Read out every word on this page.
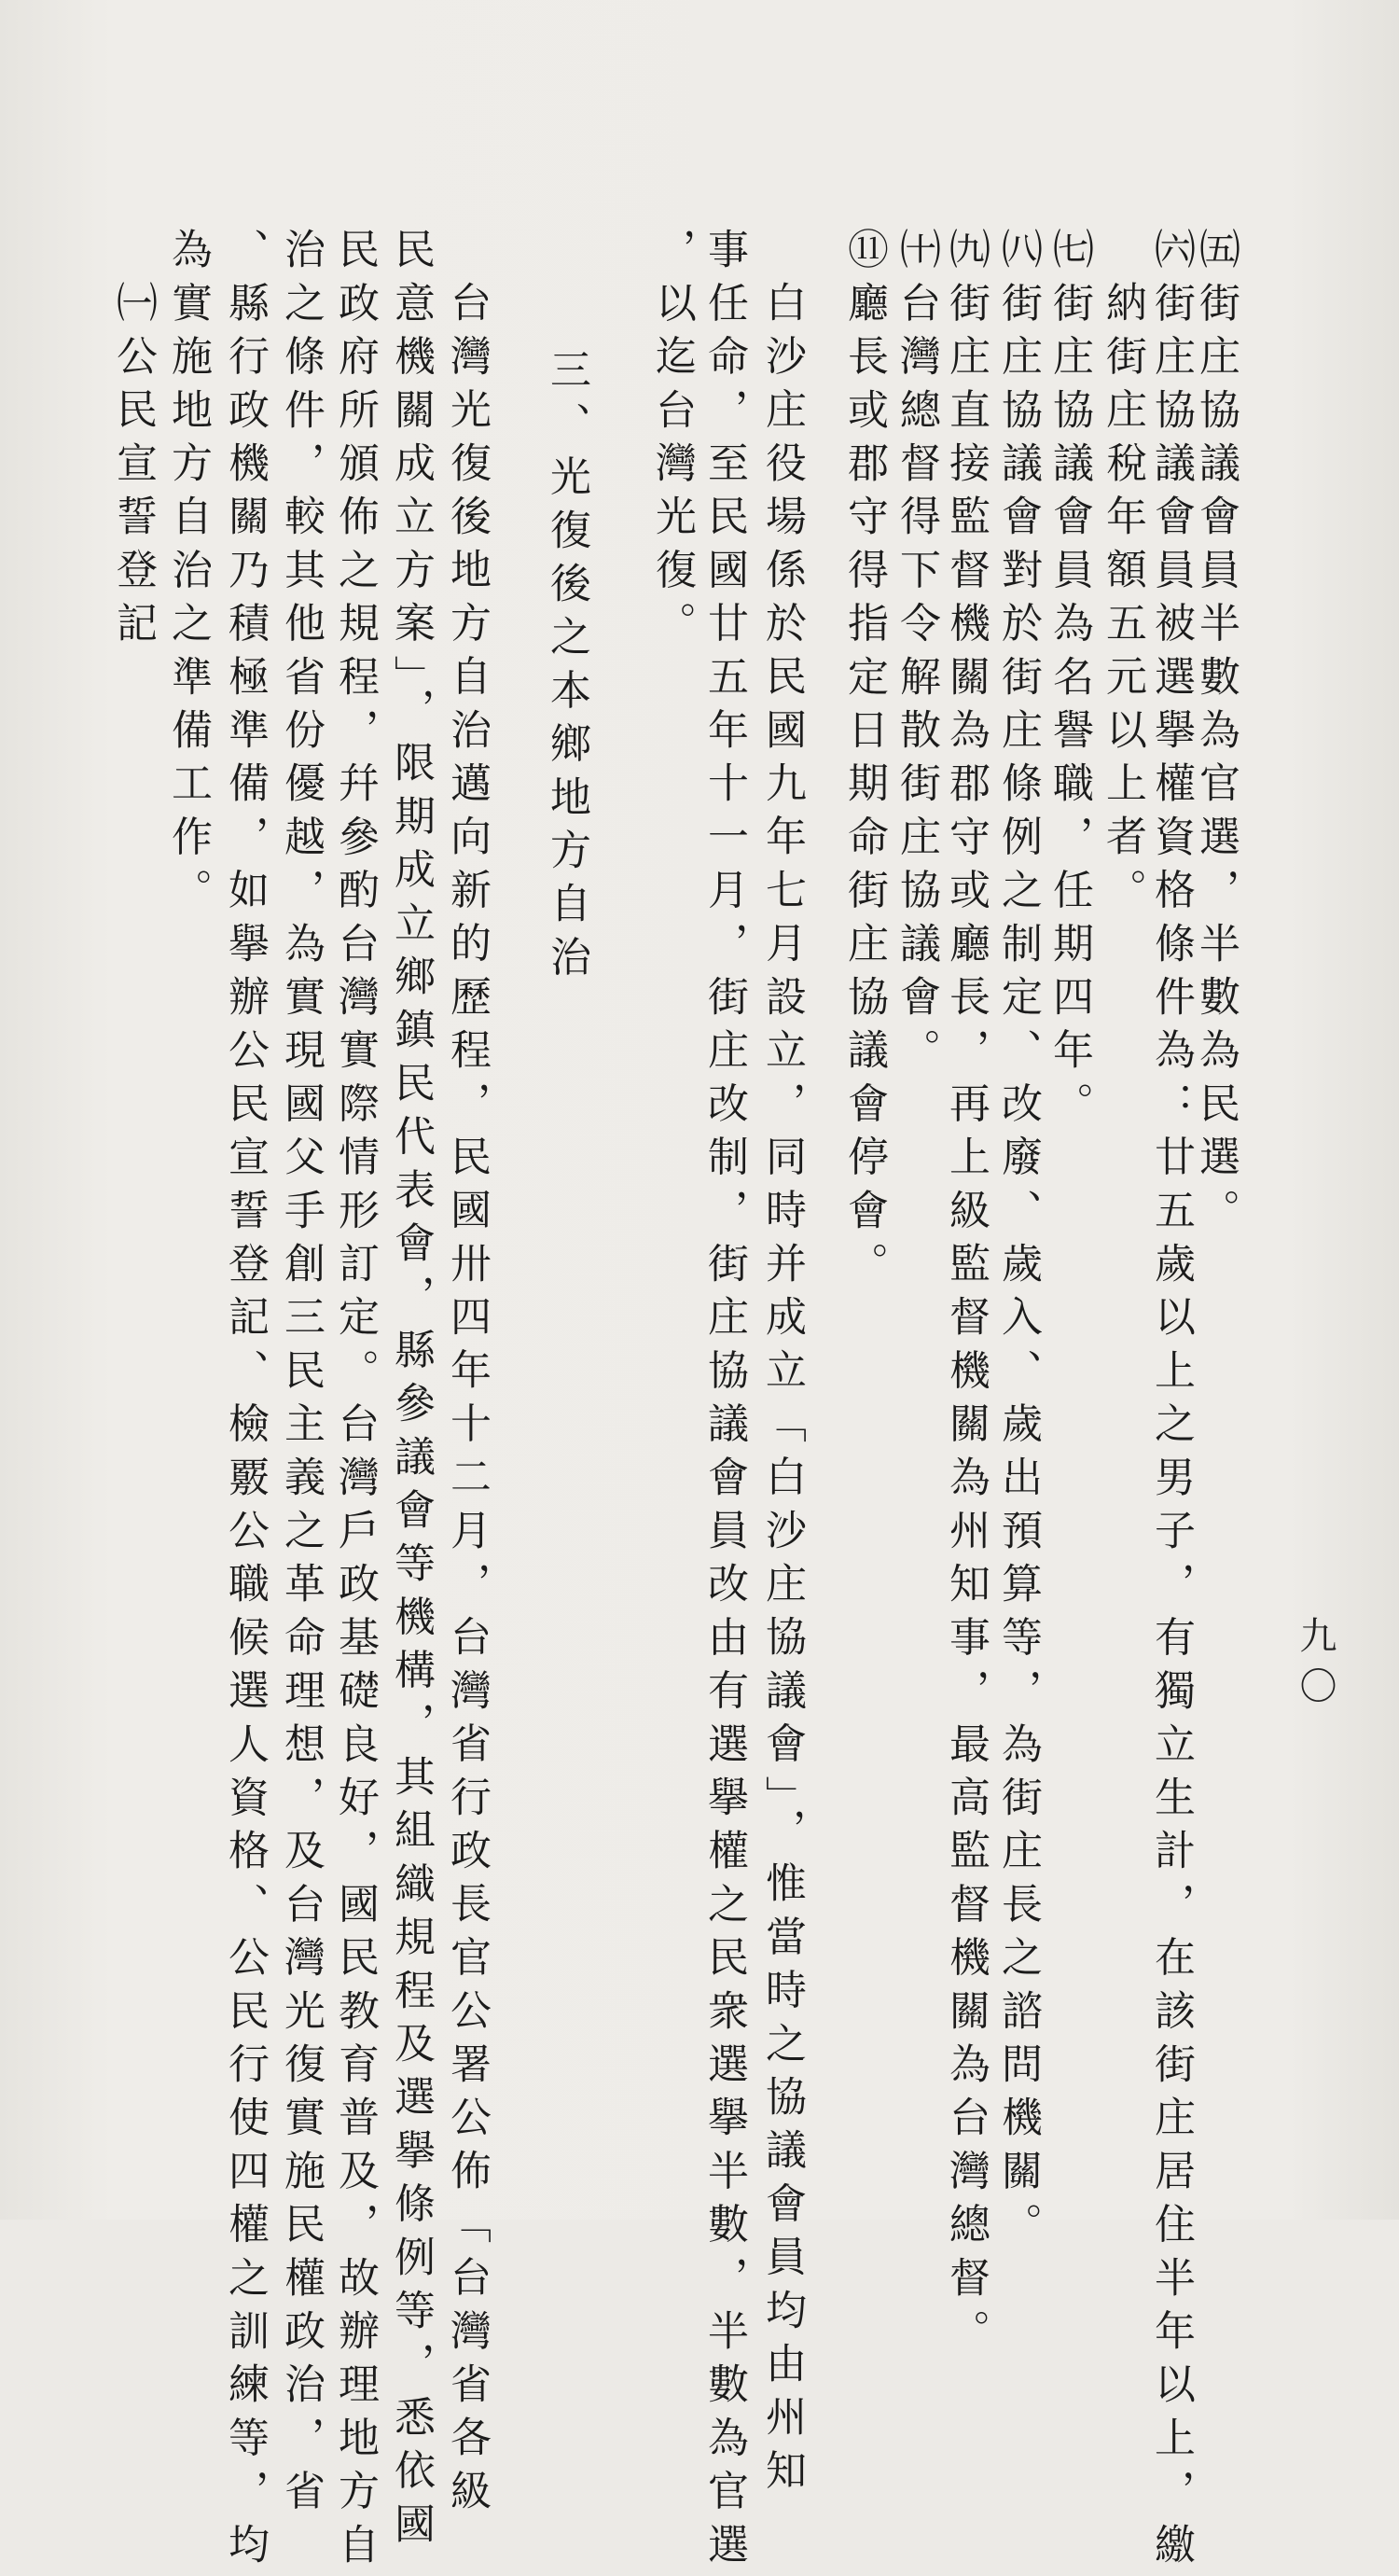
九〇

㈤街庄協議會員半數為官選，半數為民選。

㈥街庄協議會員被選擧權資格條件為：廿五歲以上之男子，有獨立生計，在該街庄居住半年以上，繳

納街庄稅年額五元以上者。

㈦街庄協議會員為名譽職，任期四年。

㈧街庄協議會對於街庄條例之制定、改廢、歲入、歲出預算等，為街庄長之諮問機關。

㈨街庄直接監督機關為郡守或廳長，再上級監督機關為州知事，最高監督機關為台灣總督。

㈩台灣總督得下令解散街庄協議會。

⑪廳長或郡守得指定日期命街庄協議會停會。

白沙庄役場係於民國九年七月設立，同時并成立「白沙庄協議會」，惟當時之協議會員均由州知

事任命，至民國廿五年十一月，街庄改制，街庄協議會員改由有選擧權之民衆選擧半數，半數為官選

，以迄台灣光復。

三、光復後之本鄉地方自治

台灣光復後地方自治邁向新的歷程，民國卅四年十二月，台灣省行政長官公署公佈「台灣省各級

民意機關成立方案」，限期成立鄉鎮民代表會，縣參議會等機構，其組織規程及選擧條例等，悉依國

民政府所頒佈之規程，幷參酌台灣實際情形訂定。台灣戶政基礎良好，國民教育普及，故辦理地方自

治之條件，較其他省份優越，為實現國父手創三民主義之革命理想，及台灣光復實施民權政治，省

、縣行政機關乃積極準備，如擧辦公民宣誓登記、檢覈公職候選人資格、公民行使四權之訓練等，均

為實施地方自治之準備工作。

㈠公民宣誓登記
